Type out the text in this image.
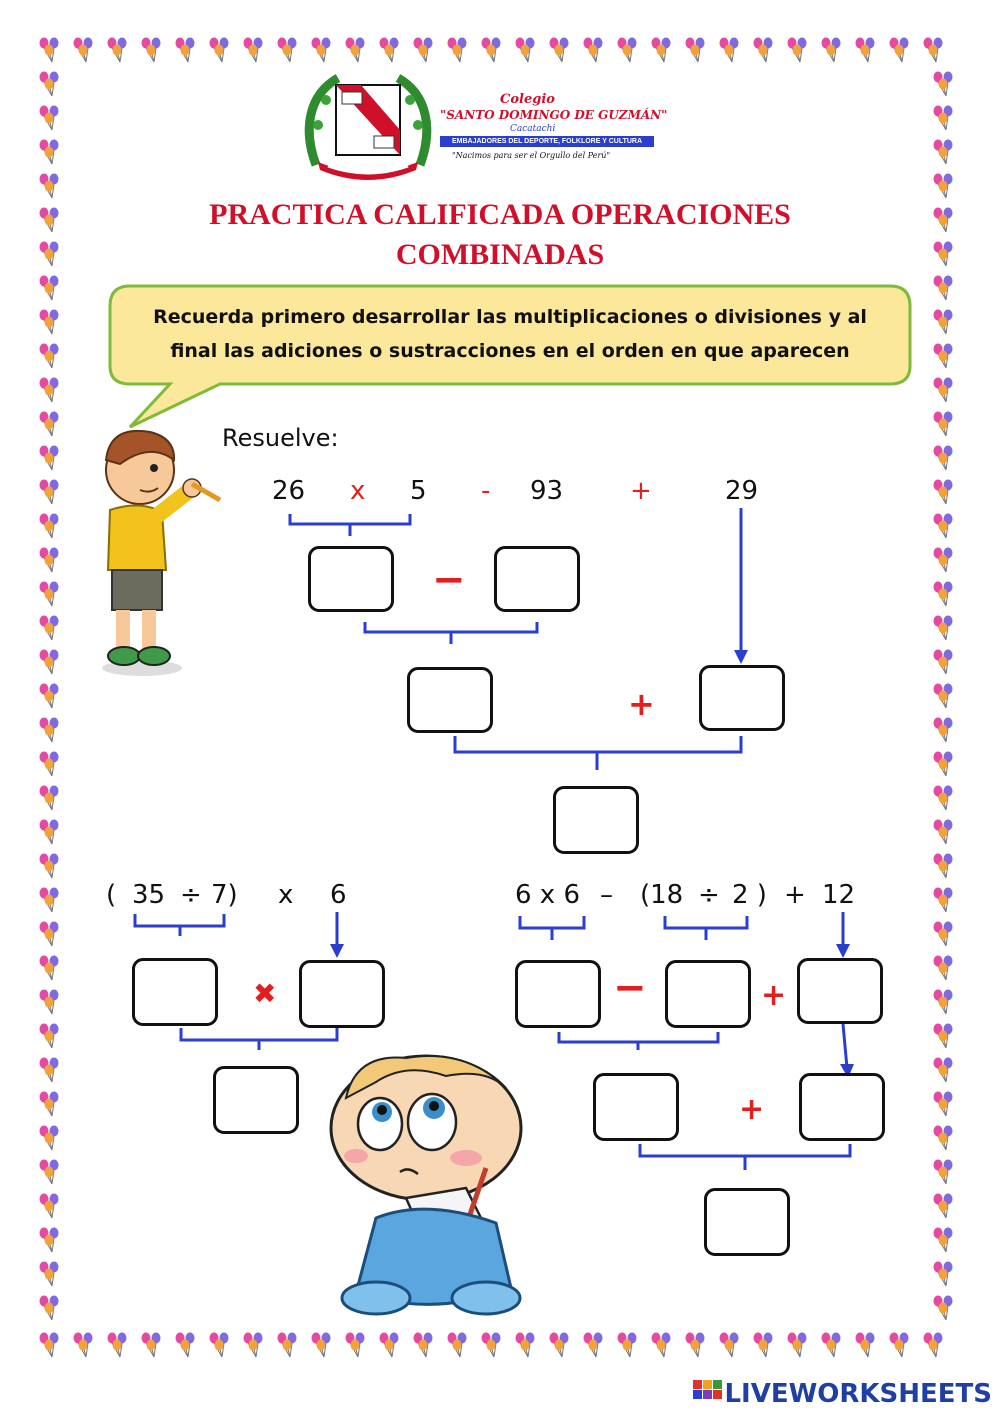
Colegio
"SANTO DOMINGO DE GUZMÁN"
Cacatachi
EMBAJADORES DEL DEPORTE, FOLKLORE Y CULTURA
"Nacimos para ser el Orgullo del Perú"
PRACTICA CALIFICADA OPERACIONES
COMBINADAS
Recuerda primero desarrollar las multiplicaciones o divisiones y al
final las adiciones o sustracciones en el orden en que aparecen
Resuelve:
26 x 5 - 93	+	29
−
+
( 35 ÷ 7) x 6
✖
6 x 6 – (18 ÷ 2 ) + 12
−	+
+
LIVEWORKSHEETS
